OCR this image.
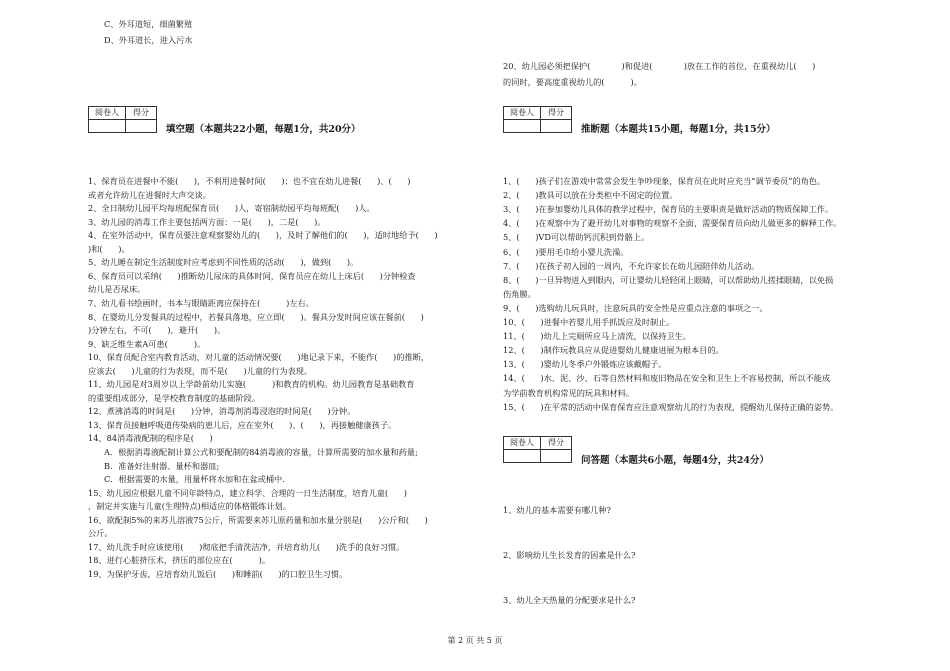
C、外耳道短，细菌繁殖
D、外耳道长，进入污水
阅卷人	得分

填空题（本题共22小题，每题1分，共20分）
1、保育员在进餐中不能(      )，不利用进餐时间(      )；也不宜在幼儿进餐(      )、(      )
或者允许幼儿在进餐时大声交谈。
2、全日制幼儿园平均每班配保育员(      )人，寄宿制幼园平均每班配(      )人。
3、幼儿园的消毒工作主要包括两方面：一是(      )，二是(      )。
4、在室外活动中，保育员要注意观察婴幼儿的(      )，及时了解他们的(      )，适时地给予(      )
)和(      )。
5、幼儿睡在制定生活制度时应考虑到不同性质的活动(      )，做到(      )。
6、保育员可以采纳(      )推断幼儿尿床的具体时间，保育员应在幼儿上床后(      )分钟检查
幼儿是否尿床。
7、幼儿看书绘画时，书本与眼睛距离应保持在(          )左右。
8、在婴幼儿分发餐具的过程中，若餐具落地，应立即(      )。餐具分发时间应该在餐前(      )
)分钟左右，不可(      )，避开(      )。
9、缺乏维生素A可患(          )。
10、保育员配合室内教育活动，对儿童的活动情况要(      )地记录下来，不能作(      )的推断，
应该去(      )儿童的行为表现，而不是(      )儿童的行为表现。
11、幼儿园是对3周岁以上学龄前幼儿实施(          )和教育的机构。幼儿园教育是基础教育
的重要组成部分，是学校教育制度的基础阶段。
12、煮沸消毒的时间是(      )分钟，消毒剂消毒浸泡的时间是(      )分钟。
13、保育员接触呼吸道传染病的患儿后，应在室外(      )、(      )，再接触健康孩子。
14、84消毒液配制的程序是(      )
A．根据消毒液配制计算公式和要配制的84消毒液的容量，计算所需要的加水量和药量;
B．准备好注射器、量杯和器皿;
C．根据需要的水量，用量杯将水加和在盆或桶中.
15、幼儿园应根据儿童不同年龄特点，建立科学、合理的一日生活制度，培育儿童(      )
，制定并实施与儿童(生理特点)相适应的体格锻炼计划。
16、欲配制5%的来苏儿溶液75公斤，所需要来苏儿原药量和加水量分别是(      )公斤和(      )
公斤。
17、幼儿洗手时应该使用(      )彻底把手清洗洁净，并培育幼儿(      )洗手的良好习惯。
18、进行心脏挤压术，挤压的部位应在(          )。
19、为保护牙齿，应培育幼儿饭后(      )和睡前(      )的口腔卫生习惯。
20、幼儿园必须把保护(            )和促进(            )放在工作的首位，在重视幼儿(      )
的同时，要高度重视幼儿的(          )。
阅卷人	得分

推断题（本题共15小题，每题1分，共15分）
1、(      )孩子们在游戏中常常会发生争吵现象，保育员在此时应充当“调节委员”的角色。
2、(      )教具可以放在分类柜中不固定的位置。
3、(      )在参加婴幼儿具体的教学过程中，保育员的主要职责是做好活动的物质保障工作。
4、(      )在观察中为了避开幼儿对事物的观察不全面，需要保育员向幼儿做更多的解释工作。
5、(      )VD可以帮助钙沉积到骨骼上。
6、(      )要用毛巾给小婴儿洗澡。
7、(      )在孩子初入园的一周内，不允许家长在幼儿园陪伴幼儿活动。
8、(      )一旦异物进入到眼内，可让婴幼儿轻轻闭上眼睛，可以帮助幼儿搓揉眼睛，以免损
伤角膜。
9、(      )选购幼儿玩具时，注意玩具的安全性是应重点注意的事项之一。
10、(      )进餐中若婴儿用手抓饭应及时制止。
11、(      )幼儿上完厕所应马上清洗，以保持卫生。
12、(      )制作玩教具应从促进婴幼儿健康进展为根本目的。
13、(      )婴幼儿冬季户外锻炼应该戴帽子。
14、(      )水、泥、沙、石等自然材料和废旧物品在安全和卫生上不容易控制，所以不能成
为学前教育机构常见的玩具和材料。
15、(      )在平常的活动中保育保育应注意观察幼儿的行为表现，提醒幼儿保持正确的姿势。
阅卷人	得分

问答题（本题共6小题，每题4分，共24分）
1、幼儿的基本需要有哪几种?
2、影响幼儿生长发育的因素是什么?
3、幼儿全天热量的分配要求是什么?
第 2 页 共 5 页
